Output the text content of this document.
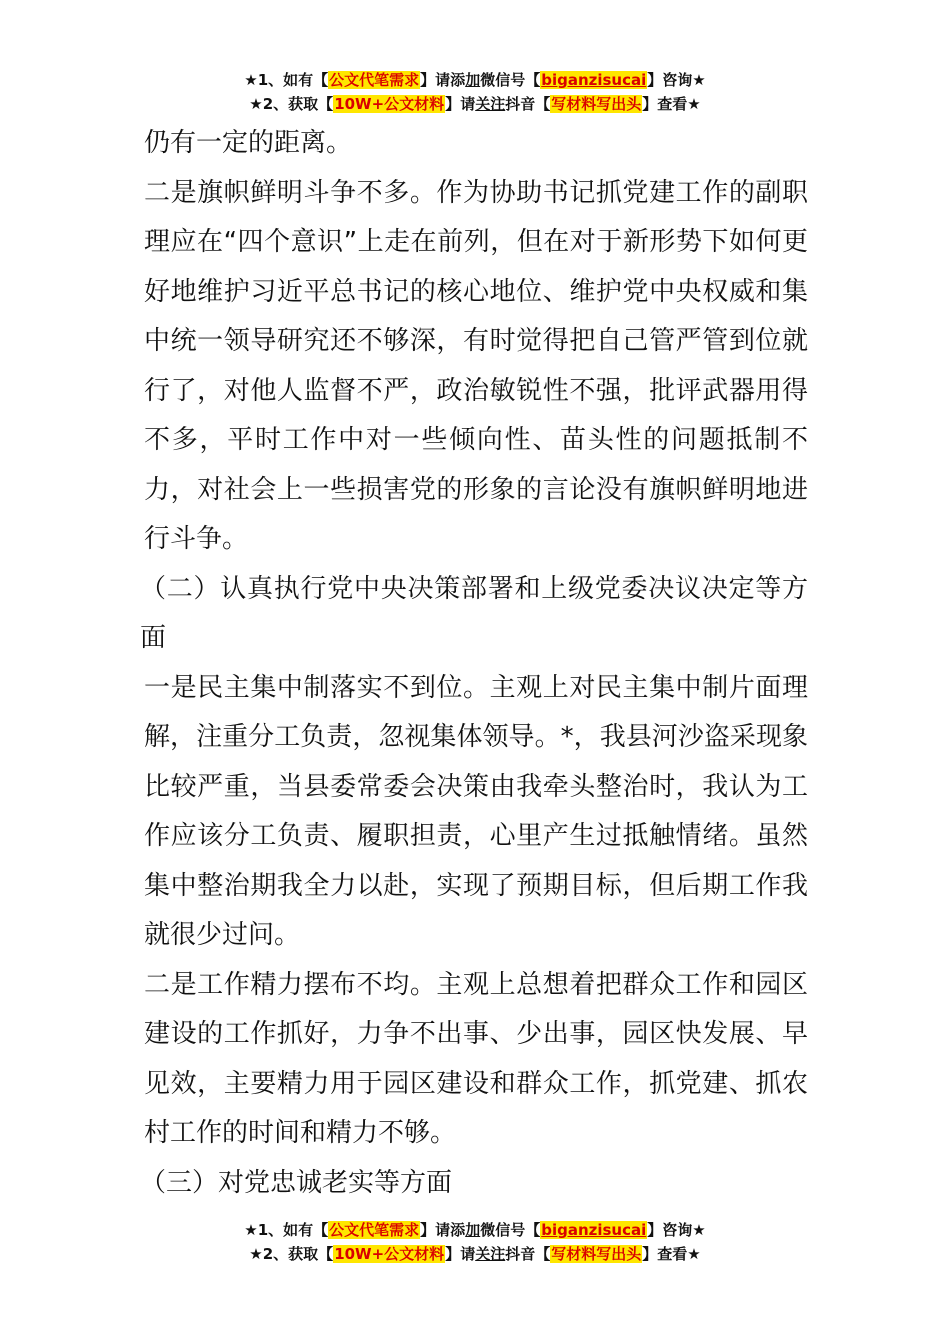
★1、如有【公文代笔需求】请添加微信号【biganzisucai】咨询★
★2、获取【10W+公文材料】请关注抖音【写材料写出头】查看★

仍有一定的距离。

二是旗帜鲜明斗争不多。作为协助书记抓党建工作的副职理应在“四个意识”上走在前列，但在对于新形势下如何更好地维护习近平总书记的核心地位、维护党中央权威和集中统一领导研究还不够深，有时觉得把自己管严管到位就行了，对他人监督不严，政治敏锐性不强，批评武器用得不多，平时工作中对一些倾向性、苗头性的问题抵制不力，对社会上一些损害党的形象的言论没有旗帜鲜明地进行斗争。

（二）认真执行党中央决策部署和上级党委决议决定等方面

一是民主集中制落实不到位。主观上对民主集中制片面理解，注重分工负责，忽视集体领导。*，我县河沙盗采现象比较严重，当县委常委会决策由我牵头整治时，我认为工作应该分工负责、履职担责，心里产生过抵触情绪。虽然集中整治期我全力以赴，实现了预期目标，但后期工作我就很少过问。

二是工作精力摆布不均。主观上总想着把群众工作和园区建设的工作抓好，力争不出事、少出事，园区快发展、早见效，主要精力用于园区建设和群众工作，抓党建、抓农村工作的时间和精力不够。

（三）对党忠诚老实等方面

★1、如有【公文代笔需求】请添加微信号【biganzisucai】咨询★
★2、获取【10W+公文材料】请关注抖音【写材料写出头】查看★
